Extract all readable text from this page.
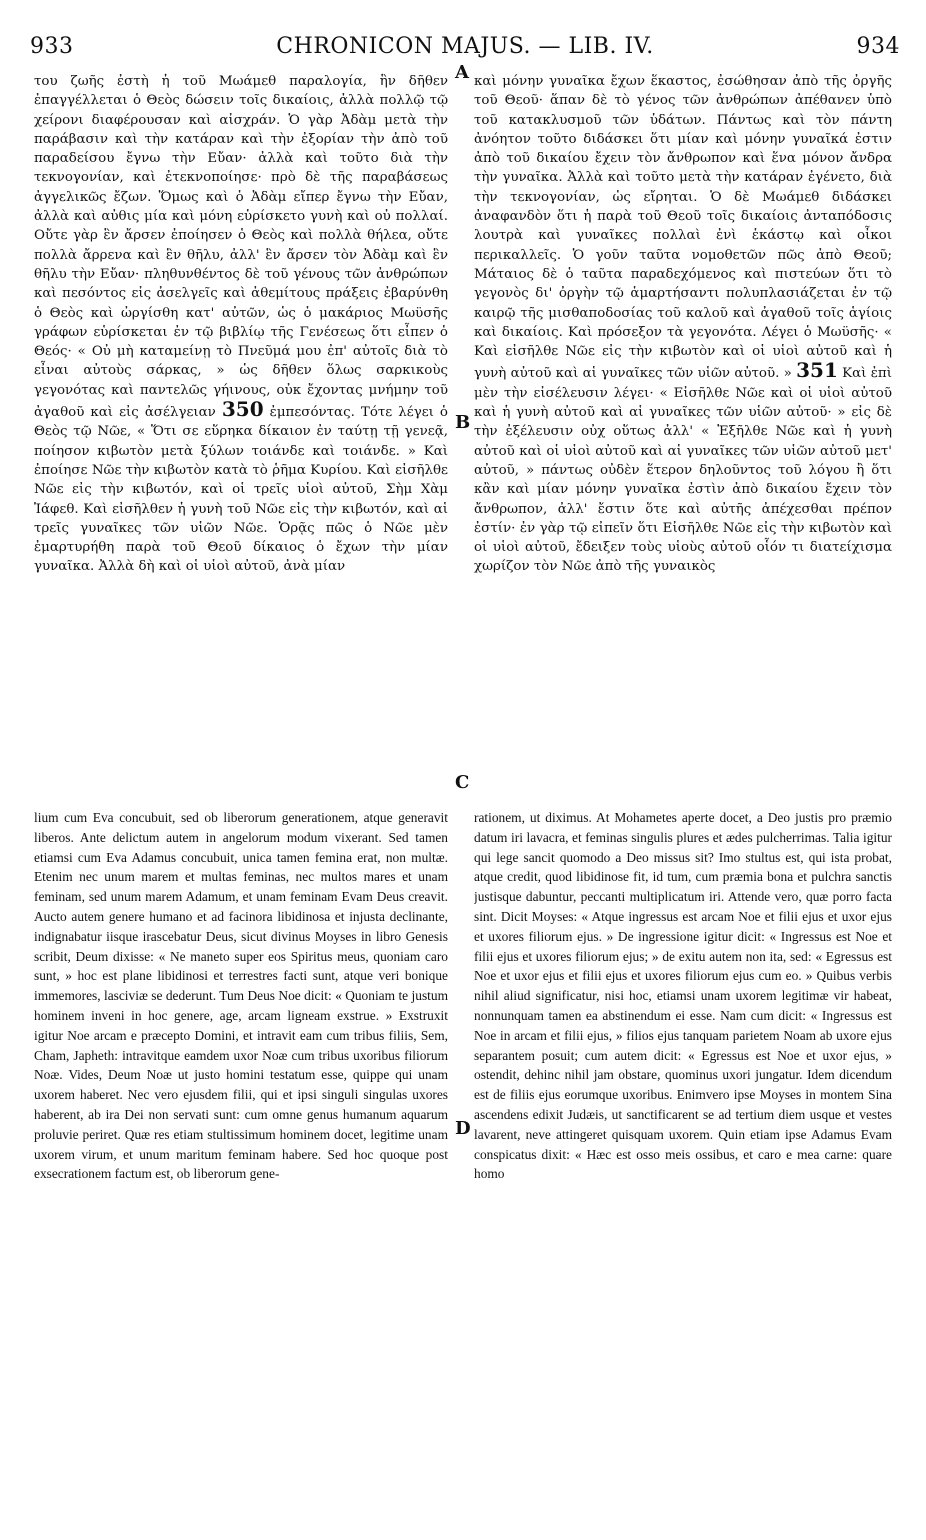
933	CHRONICON MAJUS. — LIB. IV.	934
του ζωῆς ἐστὴ ἡ τοῦ Μωάμεθ παραλογία, ἣν δῆθεν ἐπαγγέλλεται ὁ Θεὸς δώσειν τοῖς δικαίοις, ἀλλὰ πολλῷ τῷ χείρονι διαφέρουσαν καὶ αἰσχράν. Ὁ γὰρ Ἀδὰμ μετὰ τὴν παράβασιν καὶ τὴν κατάραν καὶ τὴν ἐξορίαν τὴν ἀπὸ τοῦ παραδείσου ἔγνω τὴν Εὔαν· ἀλλὰ καὶ τοῦτο διὰ τὴν τεκνογονίαν, καὶ ἐτεκνοποίησε· πρὸ δὲ τῆς παραβάσεως ἀγγελικῶς ἔζων. Ὅμως καὶ ὁ Ἀδὰμ εἴπερ ἔγνω τὴν Εὔαν, ἀλλὰ καὶ αὐθις μία καὶ μόνη εὑρίσκετο γυνὴ καὶ οὐ πολλαί. Οὔτε γὰρ ἓν ἄρσεν ἐποίησεν ὁ Θεὸς καὶ πολλὰ θήλεα, οὔτε πολλὰ ἄρρενα καὶ ἓν θῆλυ, ἀλλ' ἓν ἄρσεν τὸν Ἀδὰμ καὶ ἓν θῆλυ τὴν Εὔαν· πληθυνθέντος δὲ τοῦ γένους τῶν ἀνθρώπων καὶ πεσόντος εἰς ἀσελγεῖς καὶ ἀθεμίτους πράξεις ἐβαρύνθη ὁ Θεὸς καὶ ὠργίσθη κατ' αὐτῶν, ὡς ὁ μακάριος Μωϋσῆς γράφων εὑρίσκεται ἐν τῷ βιβλίῳ τῆς Γενέσεως ὅτι εἶπεν ὁ Θεός· « Οὐ μὴ καταμείνῃ τὸ Πνεῦμά μου ἐπ' αὐτοῖς διὰ τὸ εἶναι αὐτοὺς σάρκας, » ὡς δῆθεν ὅλως σαρκικοὺς γεγονότας καὶ παντελῶς γήινους, οὐκ ἔχοντας μνήμην τοῦ ἀγαθοῦ καὶ εἰς ἀσέλγειαν 350 ἐμπεσόντας. Τότε λέγει ὁ Θεὸς τῷ Νῶε, « Ὅτι σε εὕρηκα δίκαιον ἐν ταύτῃ τῇ γενεᾷ, ποίησον κιβωτὸν μετὰ ξύλων τοιάνδε καὶ τοιάνδε. » Καὶ ἐποίησε Νῶε τὴν κιβωτὸν κατὰ τὸ ῥῆμα Κυρίου. Καὶ εἰσῆλθε Νῶε εἰς τὴν κιβωτόν, καὶ οἱ τρεῖς υἱοὶ αὐτοῦ, Σὴμ Χὰμ Ἰάφεθ. Καὶ εἰσῆλθεν ἡ γυνὴ τοῦ Νῶε εἰς τὴν κιβωτόν, καὶ αἱ τρεῖς γυναῖκες τῶν υἱῶν Νῶε. Ὁρᾷς πῶς ὁ Νῶε μὲν ἐμαρτυρήθη παρὰ τοῦ Θεοῦ δίκαιος ὁ ἔχων τὴν μίαν γυναῖκα. Ἀλλὰ δὴ καὶ οἱ υἱοὶ αὐτοῦ, ἀνὰ μίαν
καὶ μόνην γυναῖκα ἔχων ἕκαστος, ἐσώθησαν ἀπὸ τῆς ὀργῆς τοῦ Θεοῦ· ἅπαν δὲ τὸ γένος τῶν ἀνθρώπων ἀπέθανεν ὑπὸ τοῦ κατακλυσμοῦ τῶν ὑδάτων. Πάντως καὶ τὸν πάντη ἀνόητον τοῦτο διδάσκει ὅτι μίαν καὶ μόνην γυναῖκά ἐστιν ἀπὸ τοῦ δικαίου ἔχειν τὸν ἄνθρωπον καὶ ἕνα μόνον ἄνδρα τὴν γυναῖκα. Ἀλλὰ καὶ τοῦτο μετὰ τὴν κατάραν ἐγένετο, διὰ τὴν τεκνογονίαν, ὡς εἴρηται. Ὁ δὲ Μωάμεθ διδάσκει ἀναφανδὸν ὅτι ἡ παρὰ τοῦ Θεοῦ τοῖς δικαίοις ἀνταπόδοσις λουτρὰ καὶ γυναῖκες πολλαὶ ἐνὶ ἑκάστῳ καὶ οἶκοι περικαλλεῖς. Ὁ γοῦν ταῦτα νομοθετῶν πῶς ἀπὸ Θεοῦ; Μάταιος δὲ ὁ ταῦτα παραδεχόμενος καὶ πιστεύων ὅτι τὸ γεγονὸς δι' ὀργὴν τῷ ἁμαρτήσαντι πολυπλασιάζεται ἐν τῷ καιρῷ τῆς μισθαποδοσίας τοῦ καλοῦ καὶ ἀγαθοῦ τοῖς ἁγίοις καὶ δικαίοις. Καὶ πρόσεξον τὰ γεγονότα. Λέγει ὁ Μωϋσῆς· « Καὶ εἰσῆλθε Νῶε εἰς τὴν κιβωτὸν καὶ οἱ υἱοὶ αὐτοῦ καὶ ἡ γυνὴ αὐτοῦ καὶ αἱ γυναῖκες τῶν υἱῶν αὐτοῦ. » 351 Καὶ ἐπὶ μὲν τὴν εἰσέλευσιν λέγει· « Εἰσῆλθε Νῶε καὶ οἱ υἱοὶ αὐτοῦ καὶ ἡ γυνὴ αὐτοῦ καὶ αἱ γυναῖκες τῶν υἱῶν αὐτοῦ· » εἰς δὲ τὴν ἐξέλευσιν οὐχ οὕτως ἀλλ' « Ἐξῆλθε Νῶε καὶ ἡ γυνὴ αὐτοῦ καὶ οἱ υἱοὶ αὐτοῦ καὶ αἱ γυναῖκες τῶν υἱῶν αὐτοῦ μετ' αὐτοῦ, » πάντως οὐδὲν ἕτερον δηλοῦντος τοῦ λόγου ἢ ὅτι κἂν καὶ μίαν μόνην γυναῖκα ἐστὶν ἀπὸ δικαίου ἔχειν τὸν ἄνθρωπον, ἀλλ' ἔστιν ὅτε καὶ αὐτῆς ἀπέχεσθαι πρέπον ἐστίν· ἐν γὰρ τῷ εἰπεῖν ὅτι Εἰσῆλθε Νῶε εἰς τὴν κιβωτὸν καὶ οἱ υἱοὶ αὐτοῦ, ἔδειξεν τοὺς υἱοὺς αὐτοῦ οἷόν τι διατείχισμα χωρίζον τὸν Νῶε ἀπὸ τῆς γυναικὸς
lium cum Eva concubuit, sed ob liberorum generationem, atque generavit liberos. Ante delictum autem in angelorum modum vixerant. Sed tamen etiamsi cum Eva Adamus concubuit, unica tamen femina erat, non multæ. Etenim nec unum marem et multas feminas, nec multos mares et unam feminam, sed unum marem Adamum, et unam feminam Evam Deus creavit. Aucto autem genere humano et ad facinora libidinosa et injusta declinante, indignabatur iisque irascebatur Deus, sicut divinus Moyses in libro Genesis scribit, Deum dixisse: « Ne maneto super eos Spiritus meus, quoniam caro sunt, » hoc est plane libidinosi et terrestres facti sunt, atque veri bonique immemores, lasciviæ se dederunt. Tum Deus Noe dicit: « Quoniam te justum hominem inveni in hoc genere, age, arcam ligneam exstrue. » Exstruxit igitur Noe arcam e præcepto Domini, et intravit eam cum tribus filiis, Sem, Cham, Japheth: intravitque eamdem uxor Noæ cum tribus uxoribus filiorum Noæ. Vides, Deum Noæ ut justo homini testatum esse, quippe qui unam uxorem haberet. Nec vero ejusdem filii, qui et ipsi singuli singulas uxores haberent, ab ira Dei non servati sunt: cum omne genus humanum aquarum proluvie periret. Quæ res etiam stultissimum hominem docet, legitime unam uxorem virum, et unum maritum feminam habere. Sed hoc quoque post exsecrationem factum est, ob liberorum gene-
rationem, ut diximus. At Mohametes aperte docet, a Deo justis pro præmio datum iri lavacra, et feminas singulis plures et ædes pulcherrimas. Talia igitur qui lege sancit quomodo a Deo missus sit? Imo stultus est, qui ista probat, atque credit, quod libidinose fit, id tum, cum præmia bona et pulchra sanctis justisque dabuntur, peccanti multiplicatum iri. Attende vero, quæ porro facta sint. Dicit Moyses: « Atque ingressus est arcam Noe et filii ejus et uxor ejus et uxores filiorum ejus. » De ingressione igitur dicit: « Ingressus est Noe et filii ejus et uxores filiorum ejus; » de exitu autem non ita, sed: « Egressus est Noe et uxor ejus et filii ejus et uxores filiorum ejus cum eo. » Quibus verbis nihil aliud significatur, nisi hoc, etiamsi unam uxorem legitimæ vir habeat, nonnunquam tamen ea abstinendum ei esse. Nam cum dicit: « Ingressus est Noe in arcam et filii ejus, » filios ejus tanquam parietem Noam ab uxore ejus separantem posuit; cum autem dicit: « Egressus est Noe et uxor ejus, » ostendit, dehinc nihil jam obstare, quominus uxori jungatur. Idem dicendum est de filiis ejus eorumque uxoribus. Enimvero ipse Moyses in montem Sina ascendens edixit Judæis, ut sanctificarent se ad tertium diem usque et vestes lavarent, neve attingeret quisquam uxorem. Quin etiam ipse Adamus Evam conspicatus dixit: « Hæc est osso meis ossibus, et caro e mea carne: quare homo
A
B
C
D
